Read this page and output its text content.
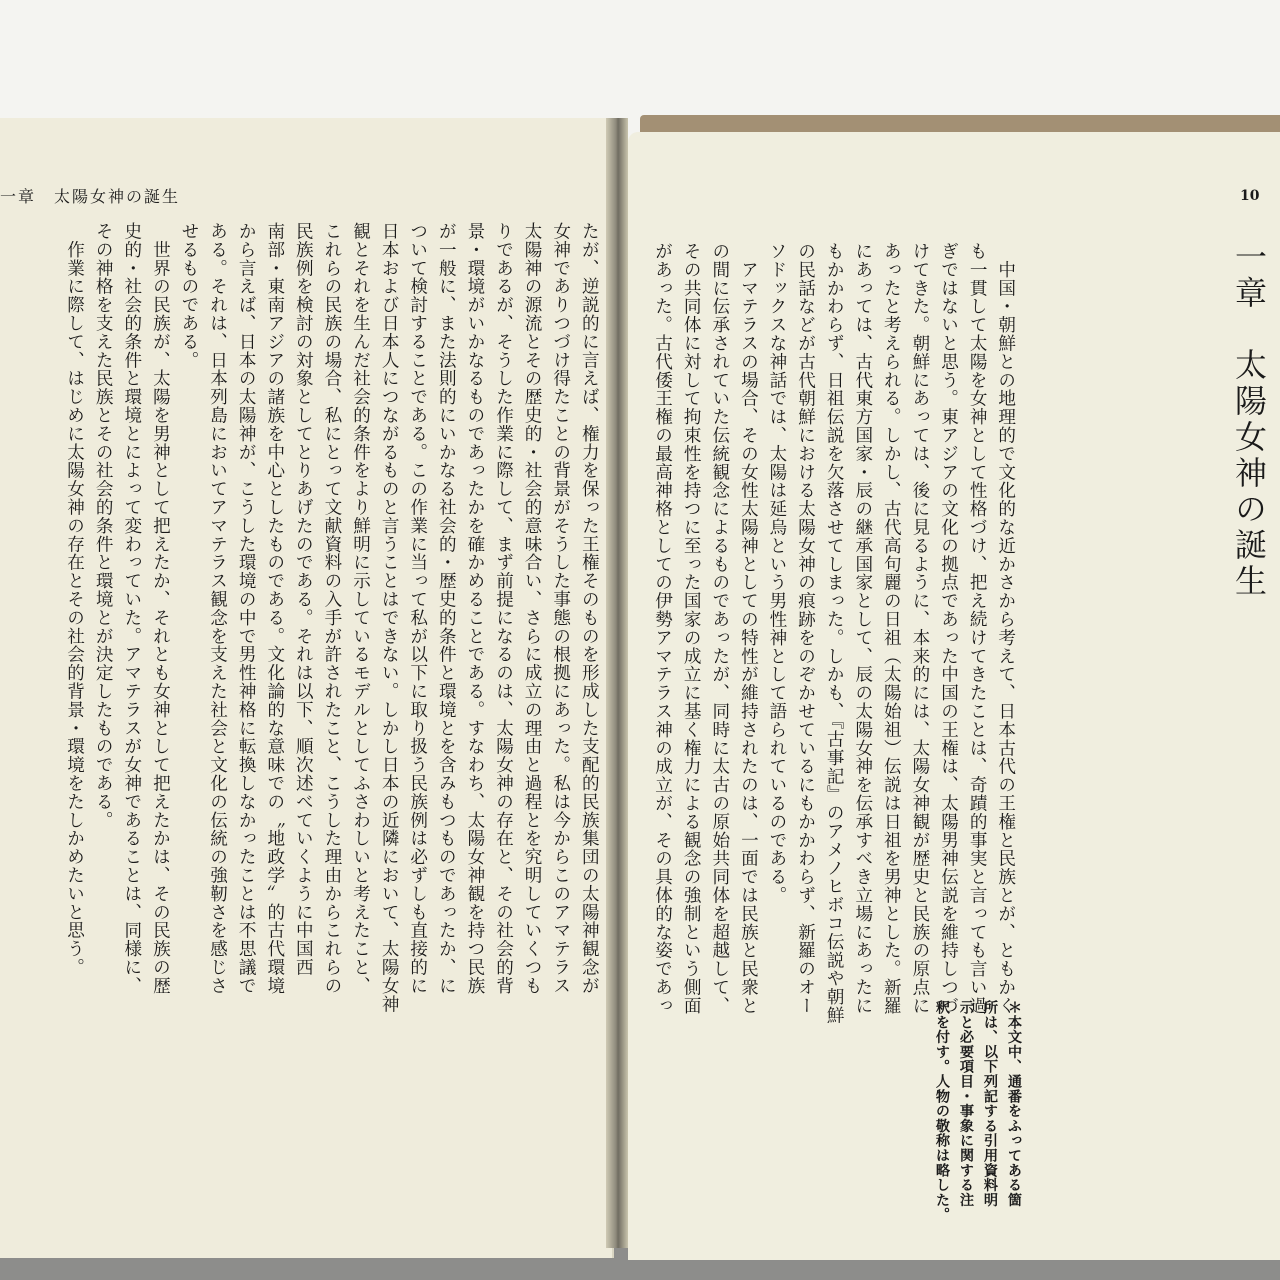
一章　太陽女神の誕生	10
一章　太陽女神の誕生
たが、逆説的に言えば、権力を保った王権そのものを形成した支配的民族集団の太陽神観念が
女神でありつづけ得たことの背景がそうした事態の根拠にあった。私は今からこのアマテラス
太陽神の源流とその歴史的・社会的意味合い、さらに成立の理由と過程とを究明していくつも
りであるが、そうした作業に際して、まず前提になるのは、太陽女神の存在と、その社会的背
景・環境がいかなるものであったかを確かめることである。すなわち、太陽女神観を持つ民族
が一般に、また法則的にいかなる社会的・歴史的条件と環境とを含みもつものであったか、に
ついて検討することである。この作業に当って私が以下に取り扱う民族例は必ずしも直接的に
日本および日本人につながるものと言うことはできない。しかし日本の近隣において、太陽女神
観とそれを生んだ社会的条件をより鮮明に示しているモデルとしてふさわしいと考えたこと、
これらの民族の場合、私にとって文献資料の入手が許されたこと、こうした理由からこれらの
民族例を検討の対象としてとりあげたのである。それは以下、順次述べていくように中国西
南部・東南アジアの諸族を中心としたものである。文化論的な意味での〝地政学〟的古代環境
から言えば、日本の太陽神が、こうした環境の中で男性神格に転換しなかったことは不思議で
ある。それは、日本列島においてアマテラス観念を支えた社会と文化の伝統の強靭さを感じさ
せるものである。
　世界の民族が、太陽を男神として把えたか、それとも女神として把えたかは、その民族の歴
史的・社会的条件と環境とによって変わっていた。アマテラスが女神であることは、同様に、
その神格を支えた民族とその社会的条件と環境とが決定したものである。
　作業に際して、はじめに太陽女神の存在とその社会的背景・環境をたしかめたいと思う。	　中国・朝鮮との地理的で文化的な近かさから考えて、日本古代の王権と民族とが、ともかく
も一貫して太陽を女神として性格づけ、把え続けてきたことは、奇蹟的事実と言っても言い過
ぎではないと思う。東アジアの文化の拠点であった中国の王権は、太陽男神伝説を維持しつづ
けてきた。朝鮮にあっては、後に見るように、本来的には、太陽女神観が歴史と民族の原点に
あったと考えられる。しかし、古代高句麗の日祖（太陽始祖）伝説は日祖を男神とした。新羅
にあっては、古代東方国家・辰の継承国家として、辰の太陽女神を伝承すべき立場にあったに
もかかわらず、日祖伝説を欠落させてしまった。しかも、『古事記』のアメノヒボコ伝説や朝鮮
の民話などが古代朝鮮における太陽女神の痕跡をのぞかせているにもかかわらず、新羅のオー
ソドックスな神話では、太陽は延烏という男性神として語られているのである。
　アマテラスの場合、その女性太陽神としての特性が維持されたのは、一面では民族と民衆と
の間に伝承されていた伝統観念によるものであったが、同時に太古の原始共同体を超越して、
その共同体に対して拘束性を持つに至った国家の成立に基く権力による観念の強制という側面
があった。古代倭王権の最高神格としての伊勢アマテラス神の成立が、その具体的な姿であっ
＊本文中、通番をふってある箇
所は、以下列記する引用資料明
示と必要項目・事象に関する注
釈を付す。人物の敬称は略した。
